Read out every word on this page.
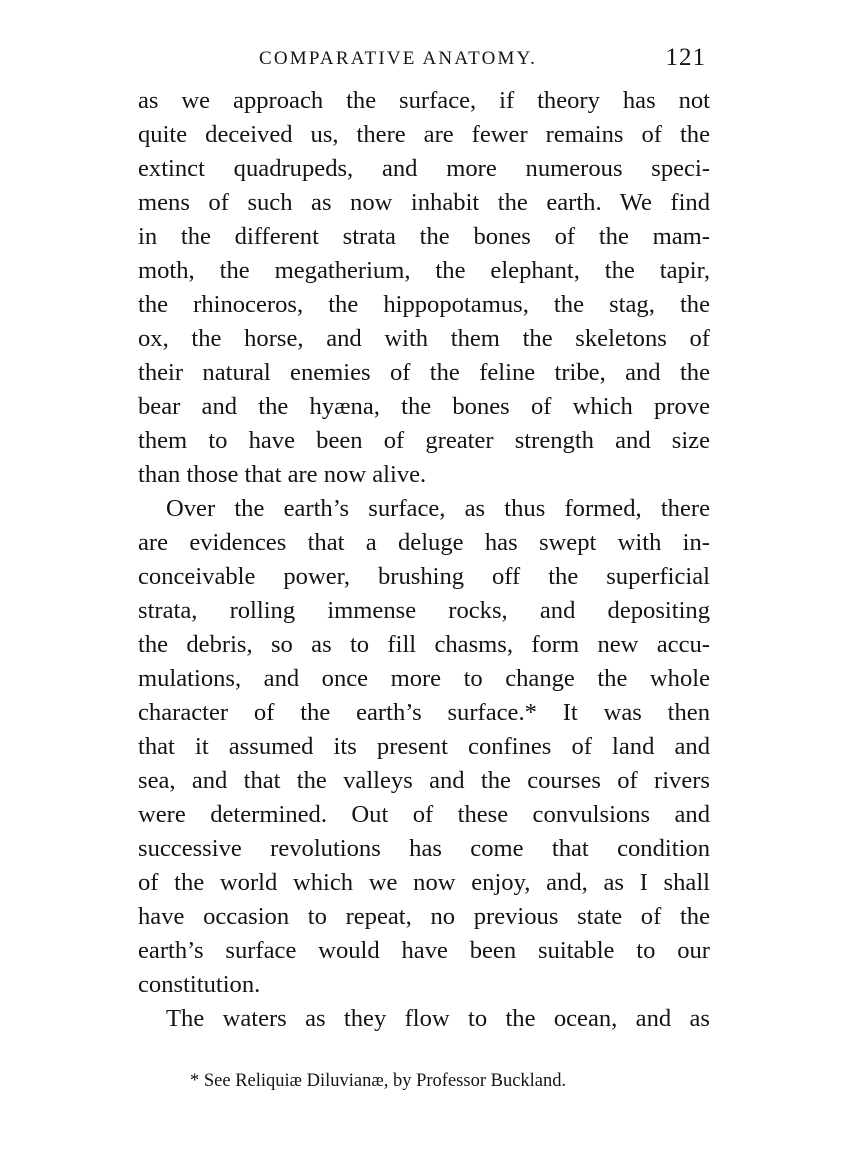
COMPARATIVE ANATOMY.	121
as we approach the surface, if theory has not
quite deceived us, there are fewer remains of the
extinct quadrupeds, and more numerous speci-
mens of such as now inhabit the earth. We find
in the different strata the bones of the mam-
moth, the megatherium, the elephant, the tapir,
the rhinoceros, the hippopotamus, the stag, the
ox, the horse, and with them the skeletons of
their natural enemies of the feline tribe, and the
bear and the hyæna, the bones of which prove
them to have been of greater strength and size
than those that are now alive.
Over the earth’s surface, as thus formed, there
are evidences that a deluge has swept with in-
conceivable power, brushing off the superficial
strata, rolling immense rocks, and depositing
the debris, so as to fill chasms, form new accu-
mulations, and once more to change the whole
character of the earth’s surface.* It was then
that it assumed its present confines of land and
sea, and that the valleys and the courses of rivers
were determined. Out of these convulsions and
successive revolutions has come that condition
of the world which we now enjoy, and, as I shall
have occasion to repeat, no previous state of the
earth’s surface would have been suitable to our
constitution.
The waters as they flow to the ocean, and as
* See Reliquiæ Diluvianæ, by Professor Buckland.
